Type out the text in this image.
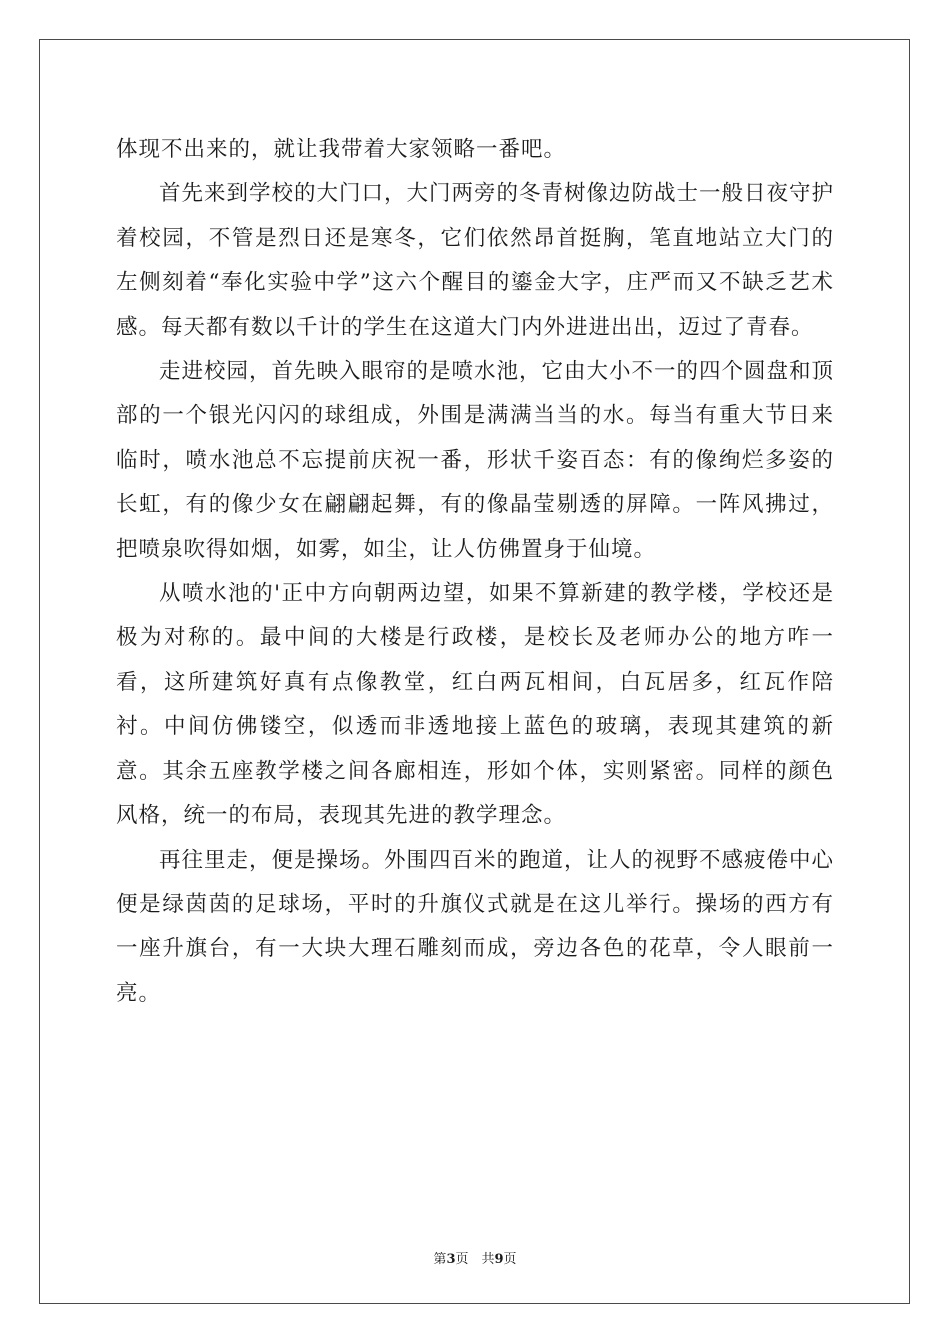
体现不出来的，就让我带着大家领略一番吧。

首先来到学校的大门口，大门两旁的冬青树像边防战士一般日夜守护着校园，不管是烈日还是寒冬，它们依然昂首挺胸，笔直地站立大门的左侧刻着“奉化实验中学”这六个醒目的鎏金大字，庄严而又不缺乏艺术感。每天都有数以千计的学生在这道大门内外进进出出，迈过了青春。

走进校园，首先映入眼帘的是喷水池，它由大小不一的四个圆盘和顶部的一个银光闪闪的球组成，外围是满满当当的水。每当有重大节日来临时，喷水池总不忘提前庆祝一番，形状千姿百态：有的像绚烂多姿的长虹，有的像少女在翩翩起舞，有的像晶莹剔透的屏障。一阵风拂过，把喷泉吹得如烟，如雾，如尘，让人仿佛置身于仙境。

从喷水池的'正中方向朝两边望，如果不算新建的教学楼，学校还是极为对称的。最中间的大楼是行政楼，是校长及老师办公的地方咋一看，这所建筑好真有点像教堂，红白两瓦相间，白瓦居多，红瓦作陪衬。中间仿佛镂空，似透而非透地接上蓝色的玻璃，表现其建筑的新意。其余五座教学楼之间各廊相连，形如个体，实则紧密。同样的颜色风格，统一的布局，表现其先进的教学理念。

再往里走，便是操场。外围四百米的跑道，让人的视野不感疲倦中心便是绿茵茵的足球场，平时的升旗仪式就是在这儿举行。操场的西方有一座升旗台，有一大块大理石雕刻而成，旁边各色的花草，令人眼前一亮。

第3页　共9页
